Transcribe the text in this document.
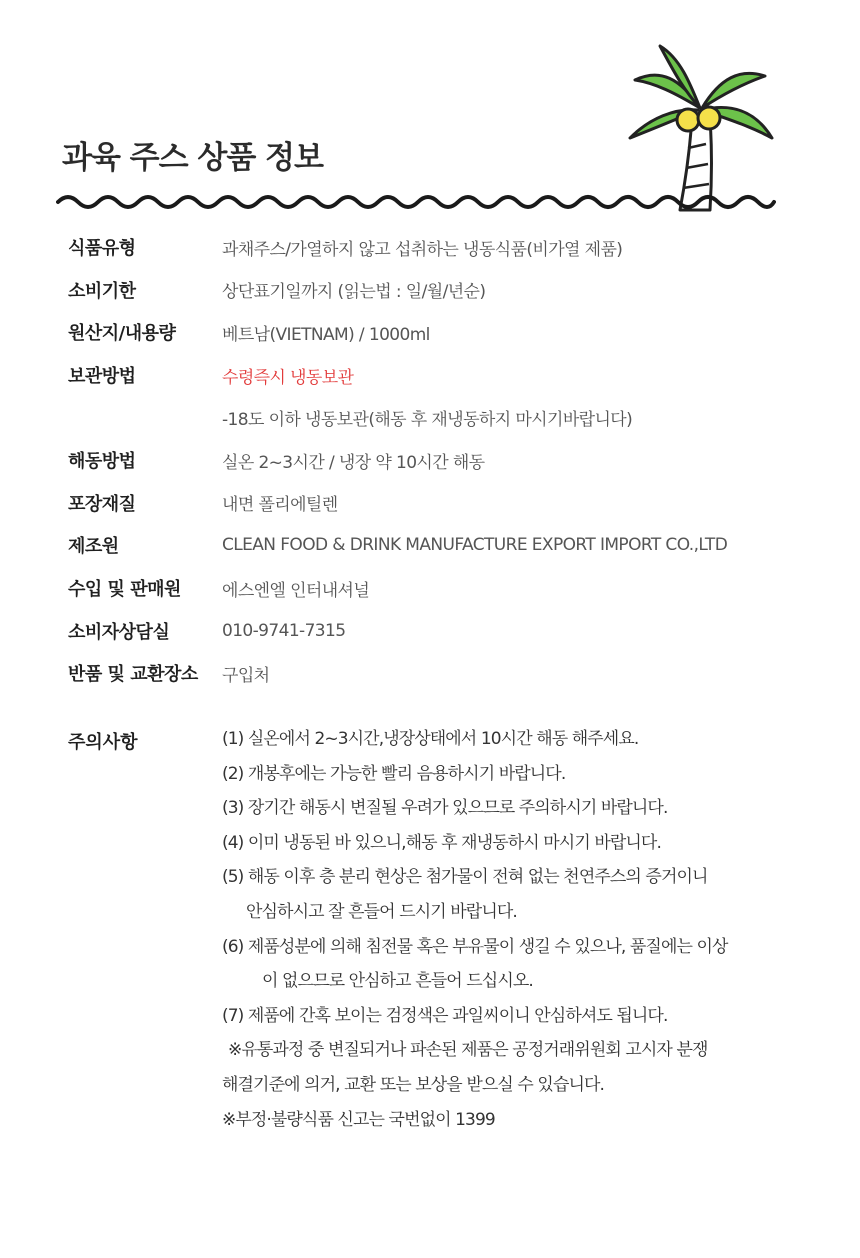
과육 주스 상품 정보
식품유형	과채주스/가열하지 않고 섭취하는 냉동식품(비가열 제품)
소비기한	상단표기일까지 (읽는법 : 일/월/년순)
원산지/내용량	베트남(VIETNAM) / 1000ml
보관방법	수령즉시 냉동보관
-18도 이하 냉동보관(해동 후 재냉동하지 마시기바랍니다)
해동방법	실온 2~3시간 / 냉장 약 10시간 해동
포장재질	내면 폴리에틸렌
제조원	CLEAN FOOD & DRINK MANUFACTURE EXPORT IMPORT CO.,LTD
수입 및 판매원	에스엔엘 인터내셔널
소비자상담실	010-9741-7315
반품 및 교환장소	구입처
주의사항	(1) 실온에서 2~3시간,냉장상태에서 10시간 해동 해주세요.
(2) 개봉후에는 가능한 빨리 음용하시기 바랍니다.
(3) 장기간 해동시 변질될 우려가 있으므로 주의하시기 바랍니다.
(4) 이미 냉동된 바 있으니,해동 후 재냉동하시 마시기 바랍니다.
(5) 해동 이후 층 분리 현상은 첨가물이 전혀 없는 천연주스의 증거이니
안심하시고 잘 흔들어 드시기 바랍니다.
(6) 제품성분에 의해 침전물 혹은 부유물이 생길 수 있으나, 품질에는 이상
이 없으므로 안심하고 흔들어 드십시오.
(7) 제품에 간혹 보이는 검정색은 과일씨이니 안심하셔도 됩니다.
※유통과정 중 변질되거나 파손된 제품은 공정거래위원회 고시자 분쟁
해결기준에 의거, 교환 또는 보상을 받으실 수 있습니다.
※부정·불량식품 신고는 국번없이 1399
